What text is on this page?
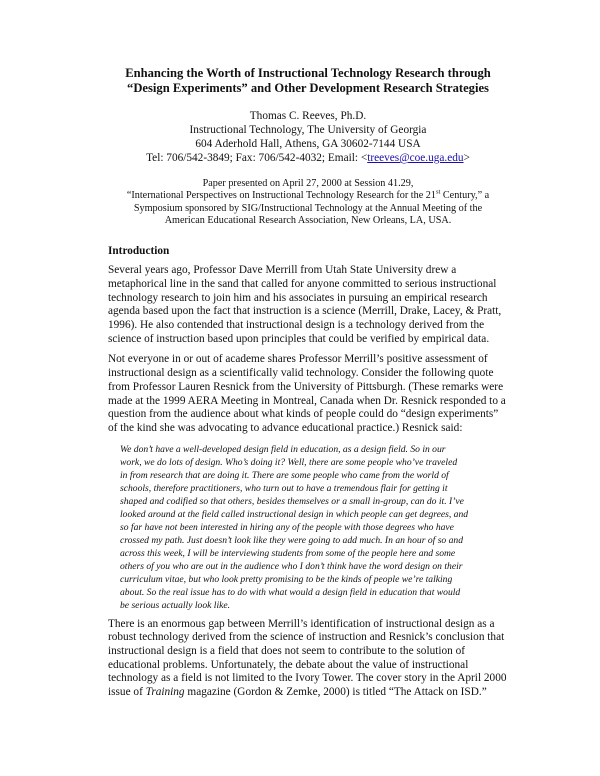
Enhancing the Worth of Instructional Technology Research through
“Design Experiments” and Other Development Research Strategies
Thomas C. Reeves, Ph.D.
Instructional Technology, The University of Georgia
604 Aderhold Hall, Athens, GA 30602-7144 USA
Tel: 706/542-3849; Fax: 706/542-4032; Email: <treeves@coe.uga.edu>
Paper presented on April 27, 2000 at Session 41.29,
“International Perspectives on Instructional Technology Research for the 21st Century,” a
Symposium sponsored by SIG/Instructional Technology at the Annual Meeting of the
American Educational Research Association, New Orleans, LA, USA.
Introduction

Several years ago, Professor Dave Merrill from Utah State University drew a
metaphorical line in the sand that called for anyone committed to serious instructional
technology research to join him and his associates in pursuing an empirical research
agenda based upon the fact that instruction is a science (Merrill, Drake, Lacey, & Pratt,
1996). He also contended that instructional design is a technology derived from the
science of instruction based upon principles that could be verified by empirical data.

Not everyone in or out of academe shares Professor Merrill’s positive assessment of
instructional design as a scientifically valid technology. Consider the following quote
from Professor Lauren Resnick from the University of Pittsburgh. (These remarks were
made at the 1999 AERA Meeting in Montreal, Canada when Dr. Resnick responded to a
question from the audience about what kinds of people could do “design experiments”
of the kind she was advocating to advance educational practice.) Resnick said:

We don’t have a well-developed design field in education, as a design field. So in our
work, we do lots of design. Who’s doing it? Well, there are some people who’ve traveled
in from research that are doing it. There are some people who came from the world of
schools, therefore practitioners, who turn out to have a tremendous flair for getting it
shaped and codified so that others, besides themselves or a small in-group, can do it. I’ve
looked around at the field called instructional design in which people can get degrees, and
so far have not been interested in hiring any of the people with those degrees who have
crossed my path. Just doesn’t look like they were going to add much. In an hour of so and
across this week, I will be interviewing students from some of the people here and some
others of you who are out in the audience who I don’t think have the word design on their
curriculum vitae, but who look pretty promising to be the kinds of people we’re talking
about. So the real issue has to do with what would a design field in education that would
be serious actually look like.

There is an enormous gap between Merrill’s identification of instructional design as a
robust technology derived from the science of instruction and Resnick’s conclusion that
instructional design is a field that does not seem to contribute to the solution of
educational problems. Unfortunately, the debate about the value of instructional
technology as a field is not limited to the Ivory Tower. The cover story in the April 2000
issue of Training magazine (Gordon & Zemke, 2000) is titled “The Attack on ISD.”
